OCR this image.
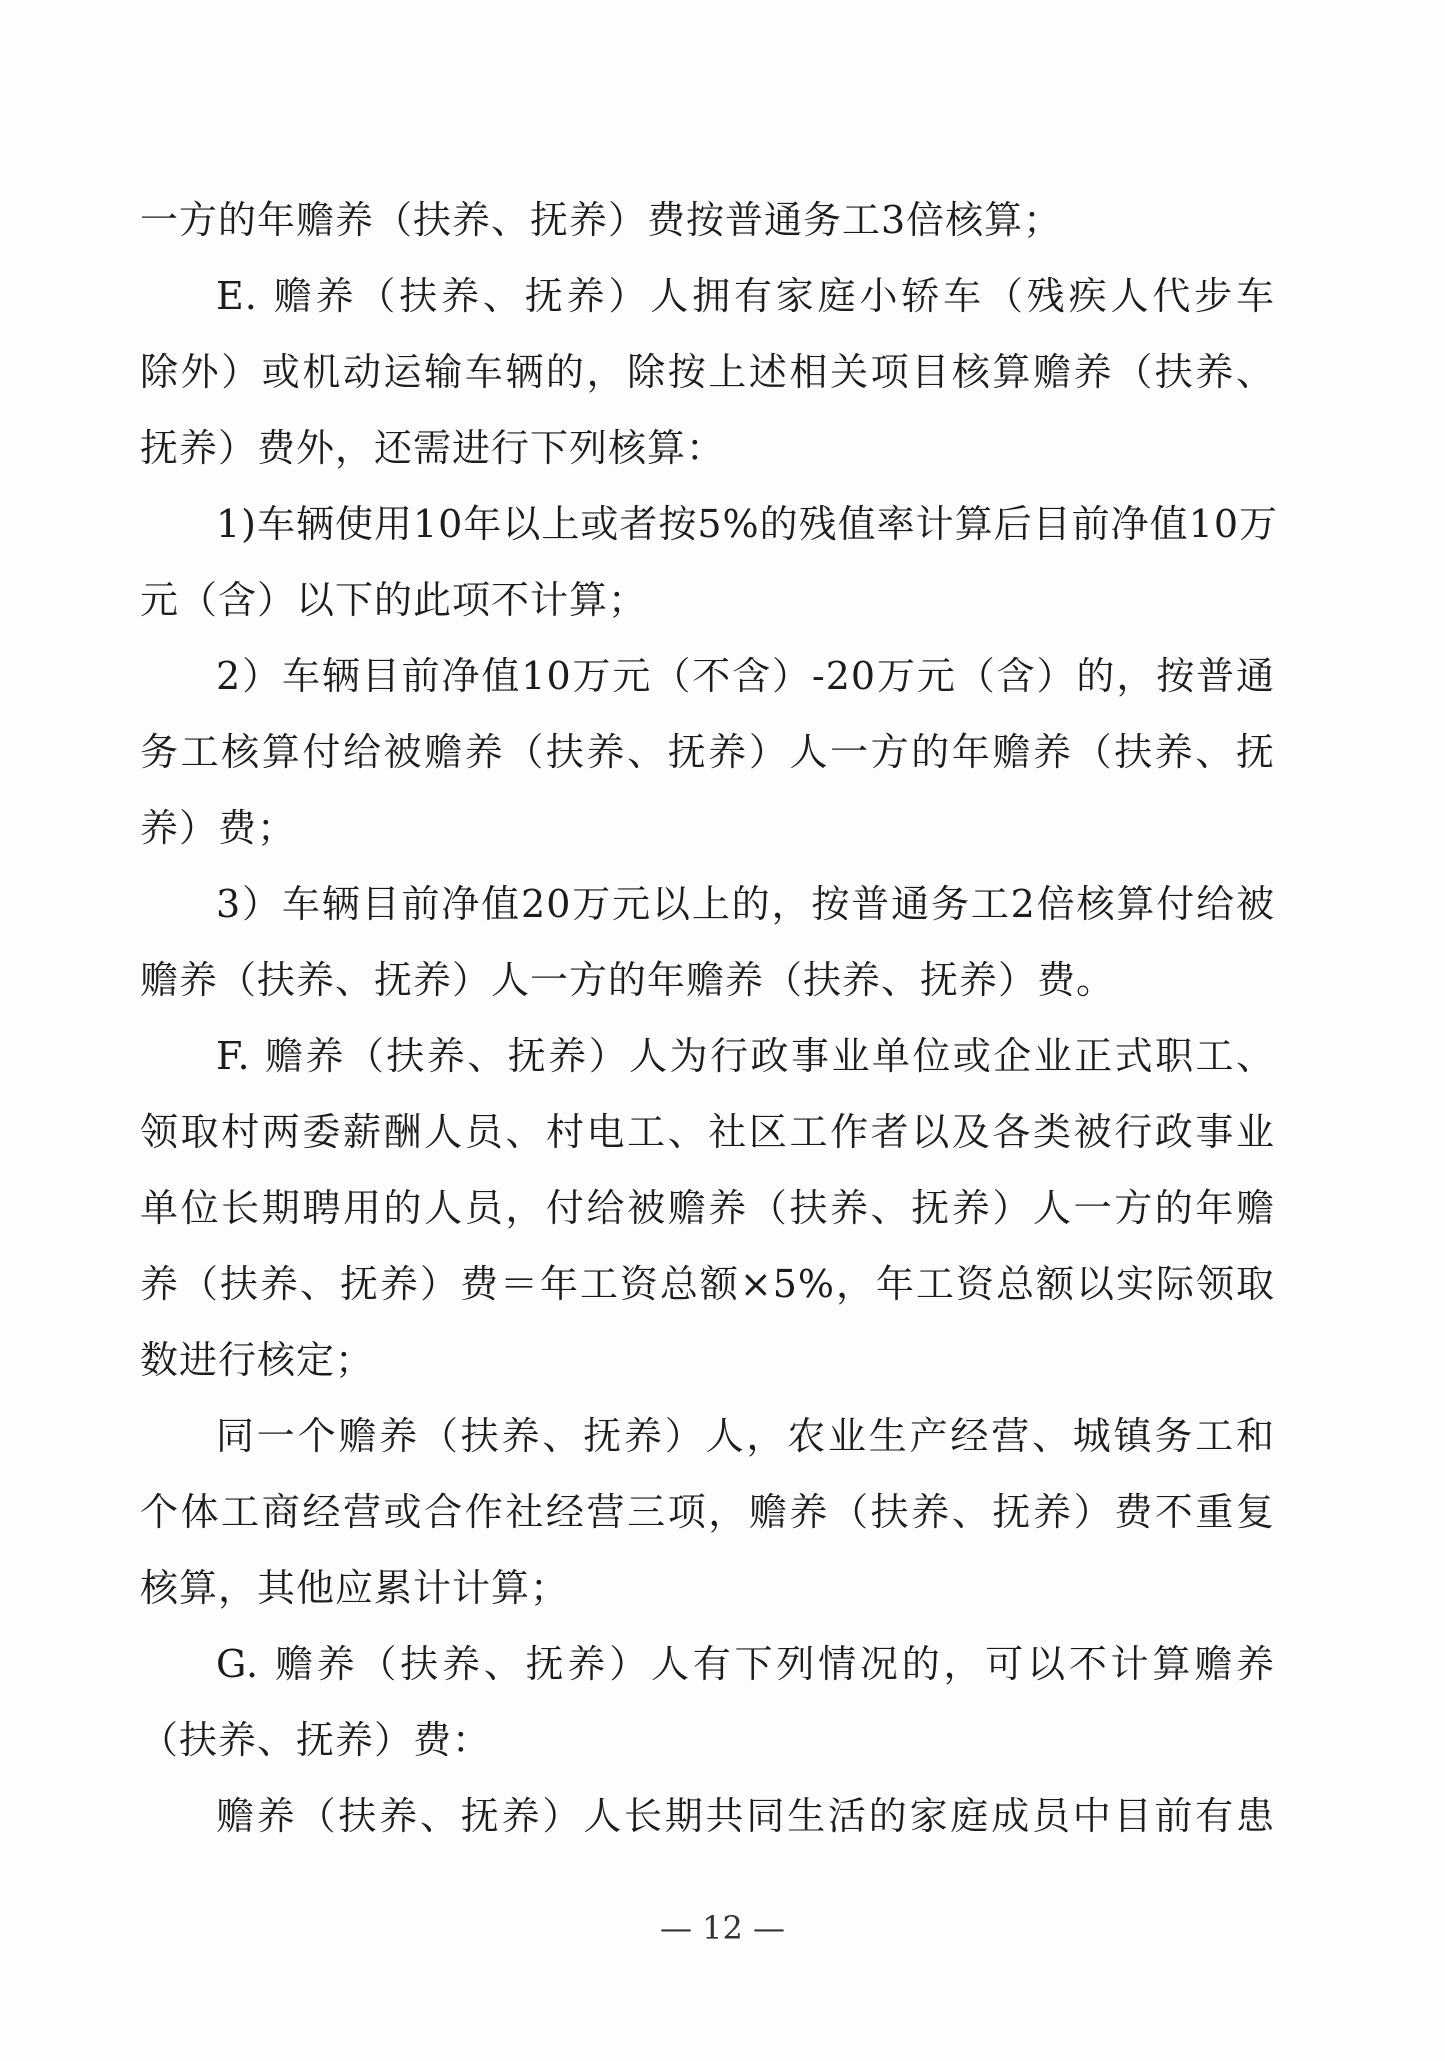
一方的年赡养（扶养、抚养）费按普通务工3倍核算；
E. 赡养（扶养、抚养）人拥有家庭小轿车（残疾人代步车
除外）或机动运输车辆的，除按上述相关项目核算赡养（扶养、
抚养）费外，还需进行下列核算：
1)车辆使用10年以上或者按5%的残值率计算后目前净值10万
元（含）以下的此项不计算；
2）车辆目前净值10万元（不含）-20万元（含）的，按普通
务工核算付给被赡养（扶养、抚养）人一方的年赡养（扶养、抚
养）费；
3）车辆目前净值20万元以上的，按普通务工2倍核算付给被
赡养（扶养、抚养）人一方的年赡养（扶养、抚养）费。
F. 赡养（扶养、抚养）人为行政事业单位或企业正式职工、
领取村两委薪酬人员、村电工、社区工作者以及各类被行政事业
单位长期聘用的人员，付给被赡养（扶养、抚养）人一方的年赡
养（扶养、抚养）费＝年工资总额×5%，年工资总额以实际领取
数进行核定；
同一个赡养（扶养、抚养）人，农业生产经营、城镇务工和
个体工商经营或合作社经营三项，赡养（扶养、抚养）费不重复
核算，其他应累计计算；
G. 赡养（扶养、抚养）人有下列情况的，可以不计算赡养
（扶养、抚养）费：
赡养（扶养、抚养）人长期共同生活的家庭成员中目前有患
— 12 —
